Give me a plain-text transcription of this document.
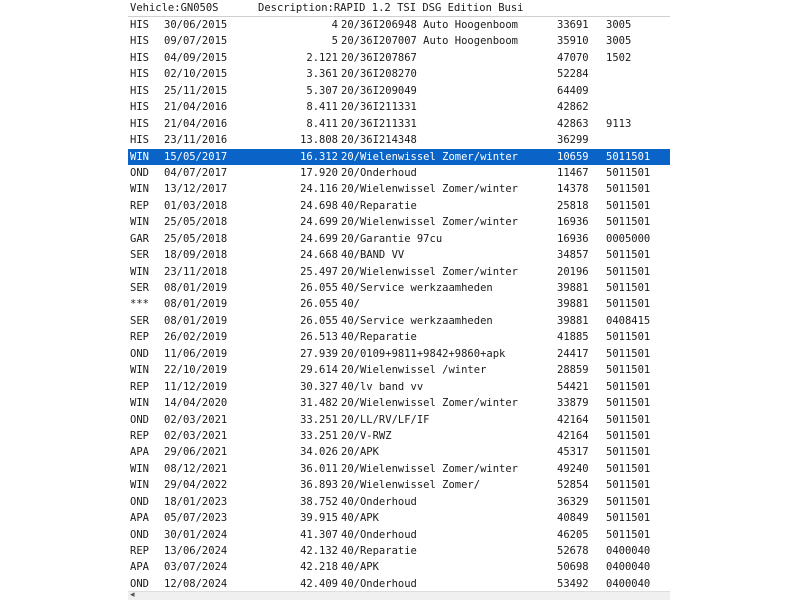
Vehicle:GN050S

	Description:RAPID 1.2 TSI DSG Edition Busi

HIS 30/06/2015	4 20/36I206948 Auto Hoogenboom	33691 3005
HIS 09/07/2015	5 20/36I207007 Auto Hoogenboom	35910 3005
HIS 04/09/2015	2.121 20/36I207867	47070 1502
HIS 02/10/2015	3.361 20/36I208270	52284
HIS 25/11/2015	5.307 20/36I209049	64409
HIS 21/04/2016	8.411 20/36I211331	42862
HIS 21/04/2016	8.411 20/36I211331	42863 9113
HIS 23/11/2016	13.808 20/36I214348	36299
WIN 15/05/2017	16.312 20/Wielenwissel Zomer/winter	10659 5011501
OND 04/07/2017	17.920 20/Onderhoud	11467 5011501
WIN 13/12/2017	24.116 20/Wielenwissel Zomer/winter	14378 5011501
REP 01/03/2018	24.698 40/Reparatie	25818 5011501
WIN 25/05/2018	24.699 20/Wielenwissel Zomer/winter	16936 5011501
GAR 25/05/2018	24.699 20/Garantie 97cu	16936 0005000
SER 18/09/2018	24.668 40/BAND VV	34857 5011501
WIN 23/11/2018	25.497 20/Wielenwissel Zomer/winter	20196 5011501
SER 08/01/2019	26.055 40/Service werkzaamheden	39881 5011501
*** 08/01/2019	26.055 40/	39881 5011501
SER 08/01/2019	26.055 40/Service werkzaamheden	39881 0408415
REP 26/02/2019	26.513 40/Reparatie	41885 5011501
OND 11/06/2019	27.939 20/0109+9811+9842+9860+apk	24417 5011501
WIN 22/10/2019	29.614 20/Wielenwissel /winter	28859 5011501
REP 11/12/2019	30.327 40/lv band vv	54421 5011501
WIN 14/04/2020	31.482 20/Wielenwissel Zomer/winter	33879 5011501
OND 02/03/2021	33.251 20/LL/RV/LF/IF	42164 5011501
REP 02/03/2021	33.251 20/V-RWZ	42164 5011501
APA 29/06/2021	34.026 20/APK	45317 5011501
WIN 08/12/2021	36.011 20/Wielenwissel Zomer/winter	49240 5011501
WIN 29/04/2022	36.893 20/Wielenwissel Zomer/	52854 5011501
OND 18/01/2023	38.752 40/Onderhoud	36329 5011501
APA 05/07/2023	39.915 40/APK	40849 5011501
OND 30/01/2024	41.307 40/Onderhoud	46205 5011501
REP 13/06/2024	42.132 40/Reparatie	52678 0400040
APA 03/07/2024	42.218 40/APK	50698 0400040
OND 12/08/2024	42.409 40/Onderhoud	53492 0400040
◂
